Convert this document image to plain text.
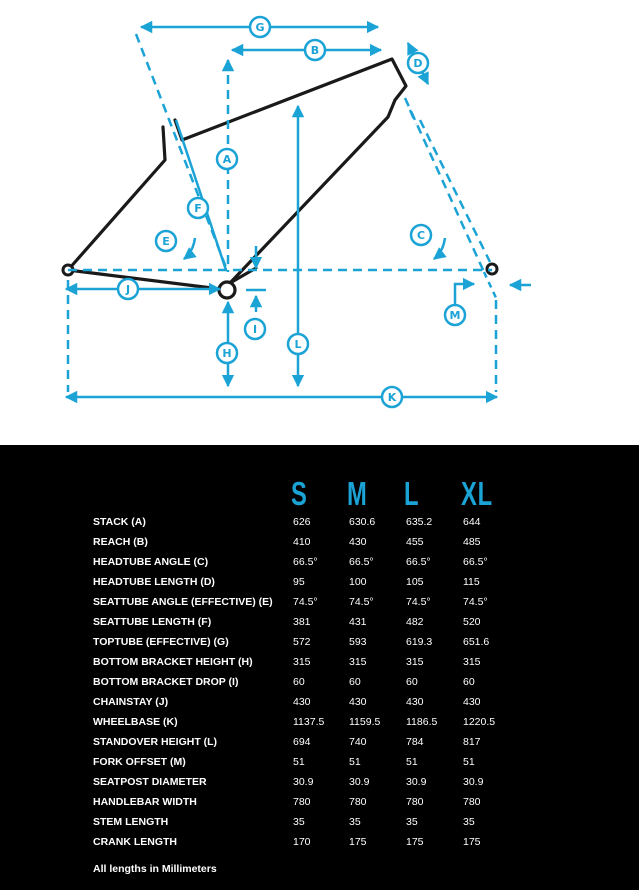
G
B
D
A
F
E	C
J
I
H
L
M
K
S M L XL
STACK (A)	626	630.6	635.2	644
REACH (B)	410	430	455	485
HEADTUBE ANGLE (C)	66.5°	66.5°	66.5°	66.5°
HEADTUBE LENGTH (D)	95	100	105	115
SEATTUBE ANGLE (EFFECTIVE) (E) 74.5°	74.5°	74.5°	74.5°
SEATTUBE LENGTH (F)	381	431	482	520
TOPTUBE (EFFECTIVE) (G)	572	593	619.3	651.6
BOTTOM BRACKET HEIGHT (H)	315	315	315	315
BOTTOM BRACKET DROP (I)	60	60	60	60
CHAINSTAY (J)	430	430	430	430
WHEELBASE (K)	1137.5 1159.5 1186.5 1220.5
STANDOVER HEIGHT (L)	694	740	784	817
FORK OFFSET (M)	51	51	51	51
SEATPOST DIAMETER	30.9	30.9	30.9	30.9
HANDLEBAR WIDTH	780	780	780	780
STEM LENGTH	35	35	35	35
CRANK LENGTH	170	175	175	175
All lengths in Millimeters
